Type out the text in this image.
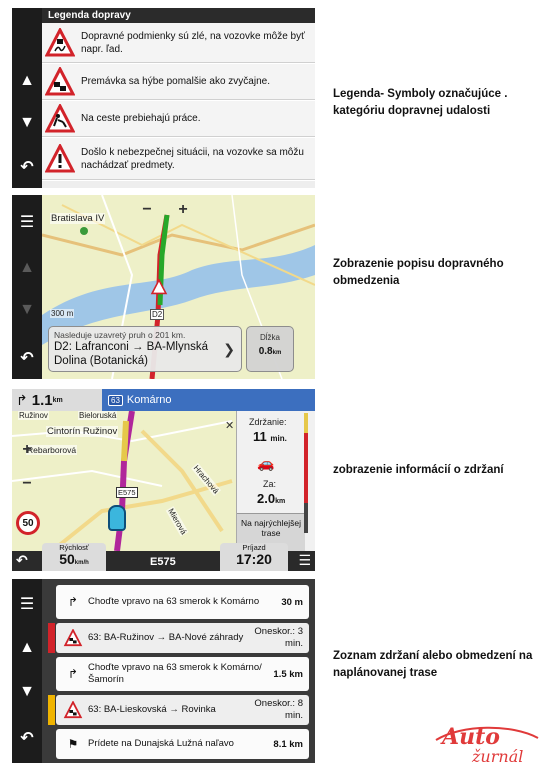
▲
▼
↶
Legenda dopravy
Dopravné podmienky sú zlé, na vozovke môže byť napr. ľad.
Premávka sa hýbe pomalšie ako zvyčajne.
Na ceste prebiehajú práce.
Došlo k nebezpečnej situácii, na vozovke sa môžu nachádzať predmety.
Legenda- Symboly označujúce . kategóriu dopravnej udalosti
☰
▲
▼
↶
− +
Bratislava IV
D2
300 m
Nasleduje uzavretý pruh o 201 km.
D2: Lafranconi → BA-Mlynská Dolina (Botanická)
❯
Dĺžka
0.8km
Zobrazenie popisu dopravného obmedzenia
↱ 1.1 km	63 Komárno
Ružinov	Bieloruská
Cintorín Ružinov
Rebarborová
Hrachová
Mierová
E575
+
−
50
✕ Zdržanie:
11 min.
🚗
Za:
2.0km
Na najrýchlejšej trase
↶
Rýchlosť
50km/h	E575
Príjazd
17:20	☰
zobrazenie informácií o zdržaní
☰
▲
▼
↶
↱	Choďte vpravo na 63 smerok k Komárno	30 m
63: BA-Ružinov → BA-Nové záhrady
Oneskor.: 3 min.
↱	Choďte vpravo na 63 smerok k Komárno/Šamorín	1.5 km
63: BA-Lieskovská → Rovinka
Oneskor.: 8 min.
⚑	Prídete na Dunajská Lužná naľavo	8.1 km
Zoznam zdržaní alebo obmedzení na naplánovanej trase
Auto
žurnál
